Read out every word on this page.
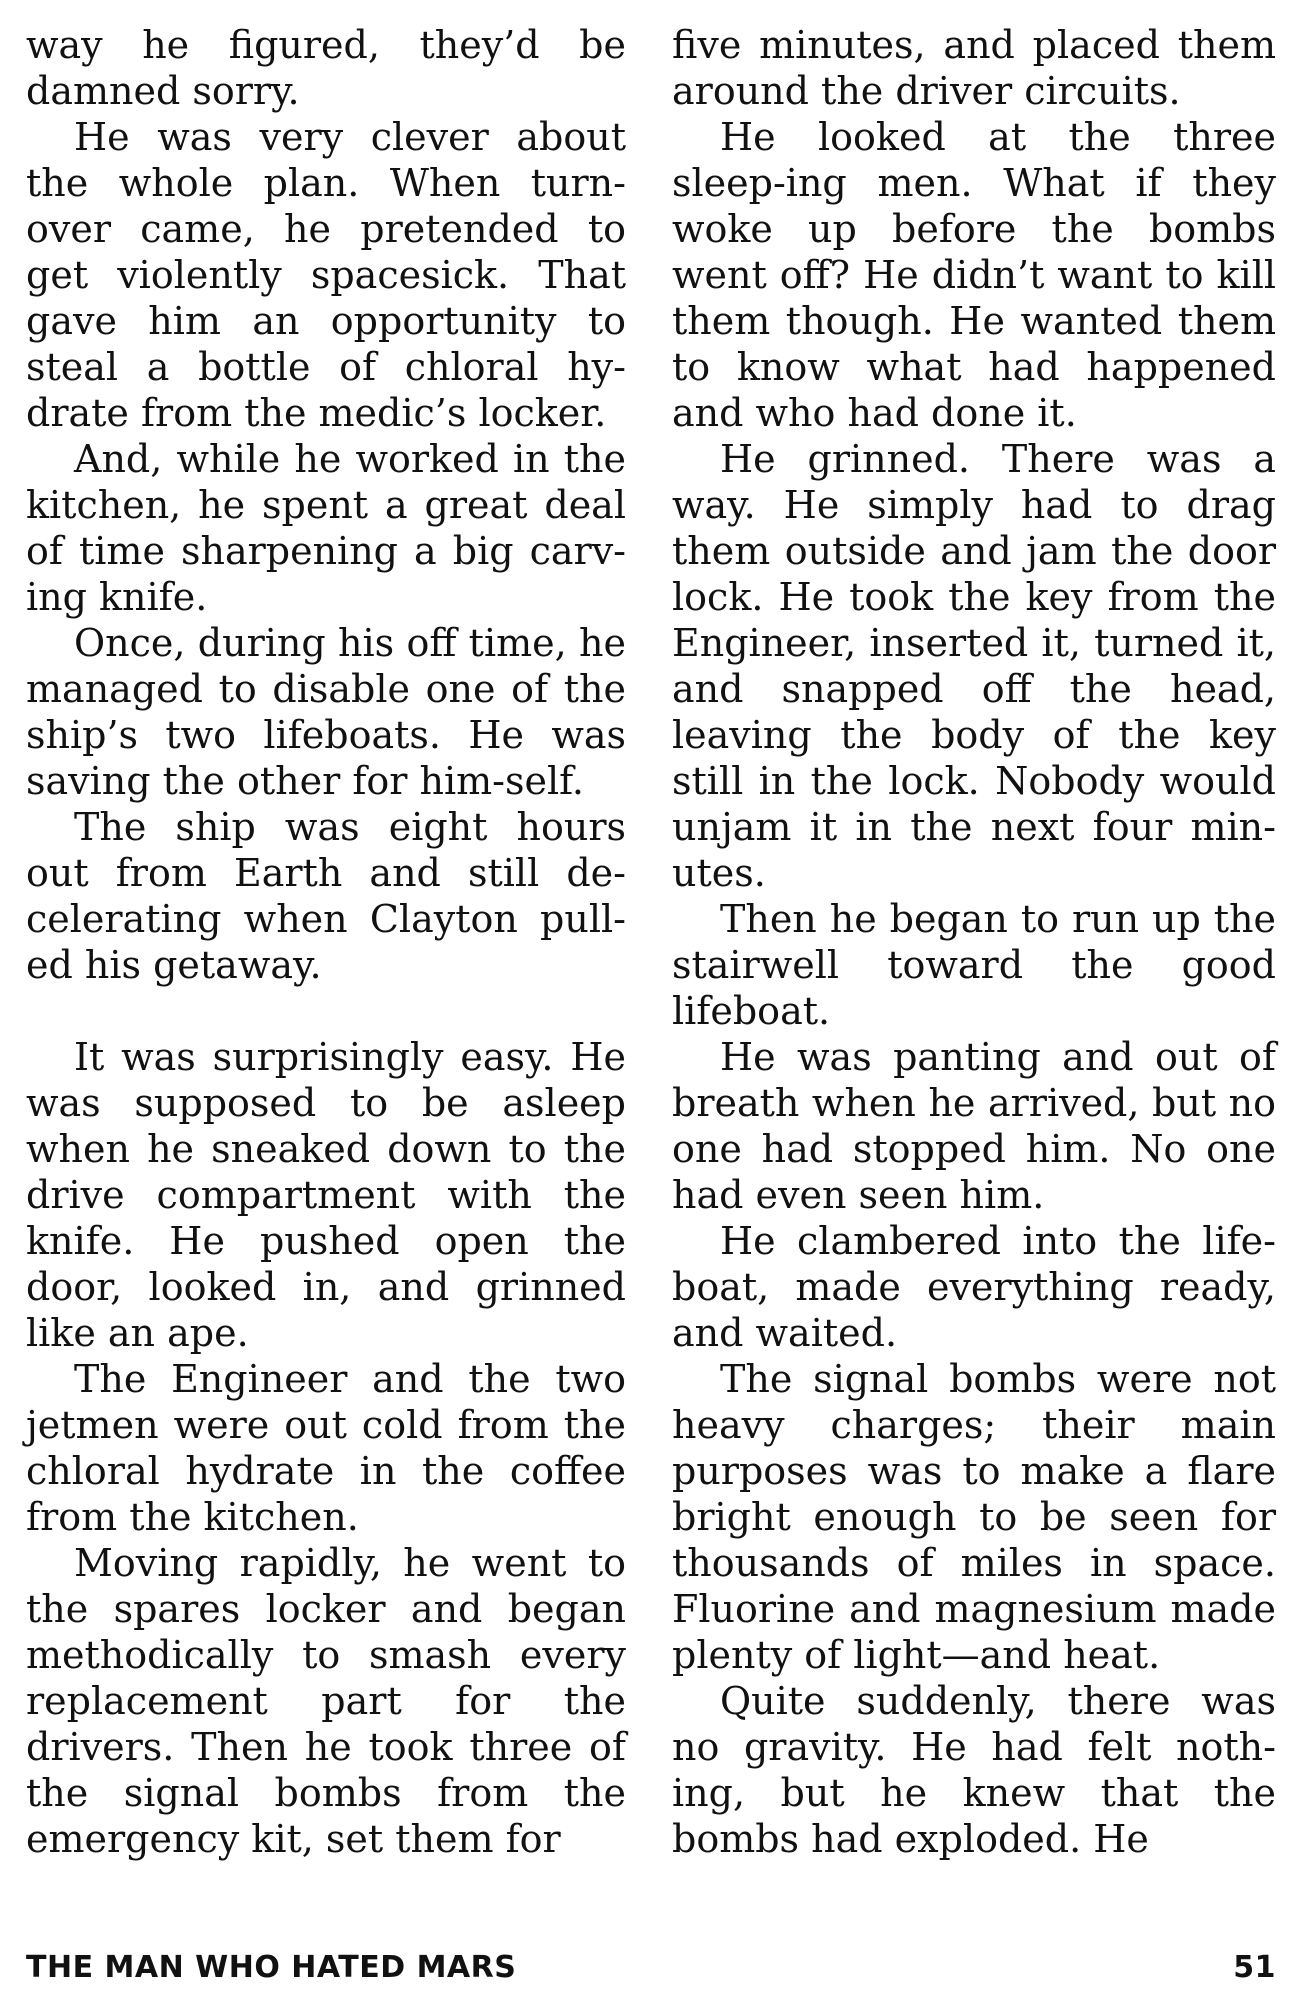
way he figured, they’d be damned sorry.

He was very clever about the whole plan. When turn-over came, he pretended to get violently spacesick. That gave him an opportunity to steal a bottle of chloral hy-drate from the medic’s locker.

And, while he worked in the kitchen, he spent a great deal of time sharpening a big carv-ing knife.

Once, during his off time, he managed to disable one of the ship’s two lifeboats. He was saving the other for him-self.

The ship was eight hours out from Earth and still de-celerating when Clayton pull-ed his getaway.

It was surprisingly easy. He was supposed to be asleep when he sneaked down to the drive compartment with the knife. He pushed open the door, looked in, and grinned like an ape.

The Engineer and the two jetmen were out cold from the chloral hydrate in the coffee from the kitchen.

Moving rapidly, he went to the spares locker and began methodically to smash every replacement part for the drivers. Then he took three of the signal bombs from the emergency kit, set them for

five minutes, and placed them around the driver circuits.

He looked at the three sleep-ing men. What if they woke up before the bombs went off? He didn’t want to kill them though. He wanted them to know what had happened and who had done it.

He grinned. There was a way. He simply had to drag them outside and jam the door lock. He took the key from the Engineer, inserted it, turned it, and snapped off the head, leaving the body of the key still in the lock. Nobody would unjam it in the next four min-utes.

Then he began to run up the stairwell toward the good lifeboat.

He was panting and out of breath when he arrived, but no one had stopped him. No one had even seen him.

He clambered into the life-boat, made everything ready, and waited.

The signal bombs were not heavy charges; their main purposes was to make a flare bright enough to be seen for thousands of miles in space. Fluorine and magnesium made plenty of light—and heat.

Quite suddenly, there was no gravity. He had felt noth-ing, but he knew that the bombs had exploded. He

THE MAN WHO HATED MARS	51
